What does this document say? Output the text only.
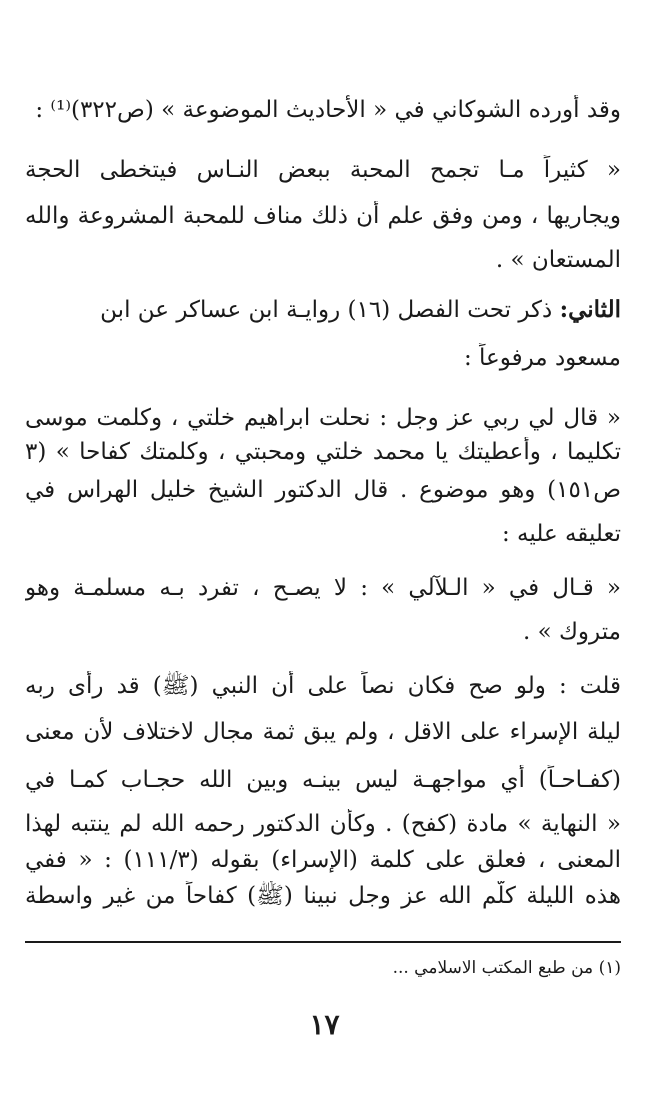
وقد أورده الشوكاني في « الأحاديث الموضوعة » (ص٣٢٢)⁽¹⁾ :
« كثيراً مـا تجمح المحبة ببعض النـاس فيتخطى الحجة
ويجاريها ، ومن وفق علم أن ذلك مناف للمحبة المشروعة والله
المستعان » .
الثاني: ذكر تحت الفصل (١٦) روايـة ابن عساكر عن ابن
مسعود مرفوعاً :
« قال لي ربي عز وجل : نحلت ابراهيم خلتي ، وكلمت موسى
تكليما ، وأعطيتك يا محمد خلتي ومحبتي ، وكلمتك كفاحا » (٣
ص١٥١) وهو موضوع . قال الدكتور الشيخ خليل الهراس في
تعليقه عليه :
« قـال في « الـلآلي » : لا يصـح ، تفرد بـه مسلمـة وهو
متروك » .
قلت : ولو صح فكان نصاً على أن النبي (ﷺ) قد رأى ربه
ليلة الإسراء على الاقل ، ولم يبق ثمة مجال لاختلاف لأن معنى
(كفـاحـاً) أي مواجهـة ليس بينـه وبين الله حجـاب كمـا في
« النهاية » مادة (كفح) . وكأن الدكتور رحمه الله لم ينتبه لهذا
المعنى ، فعلق على كلمة (الإسراء) بقوله (١١١/٣) : « ففي
هذه الليلة كلّم الله عز وجل نبينا (ﷺ) كفاحاً من غير واسطة
(١) من طبع المكتب الاسلامي ...
١٧
